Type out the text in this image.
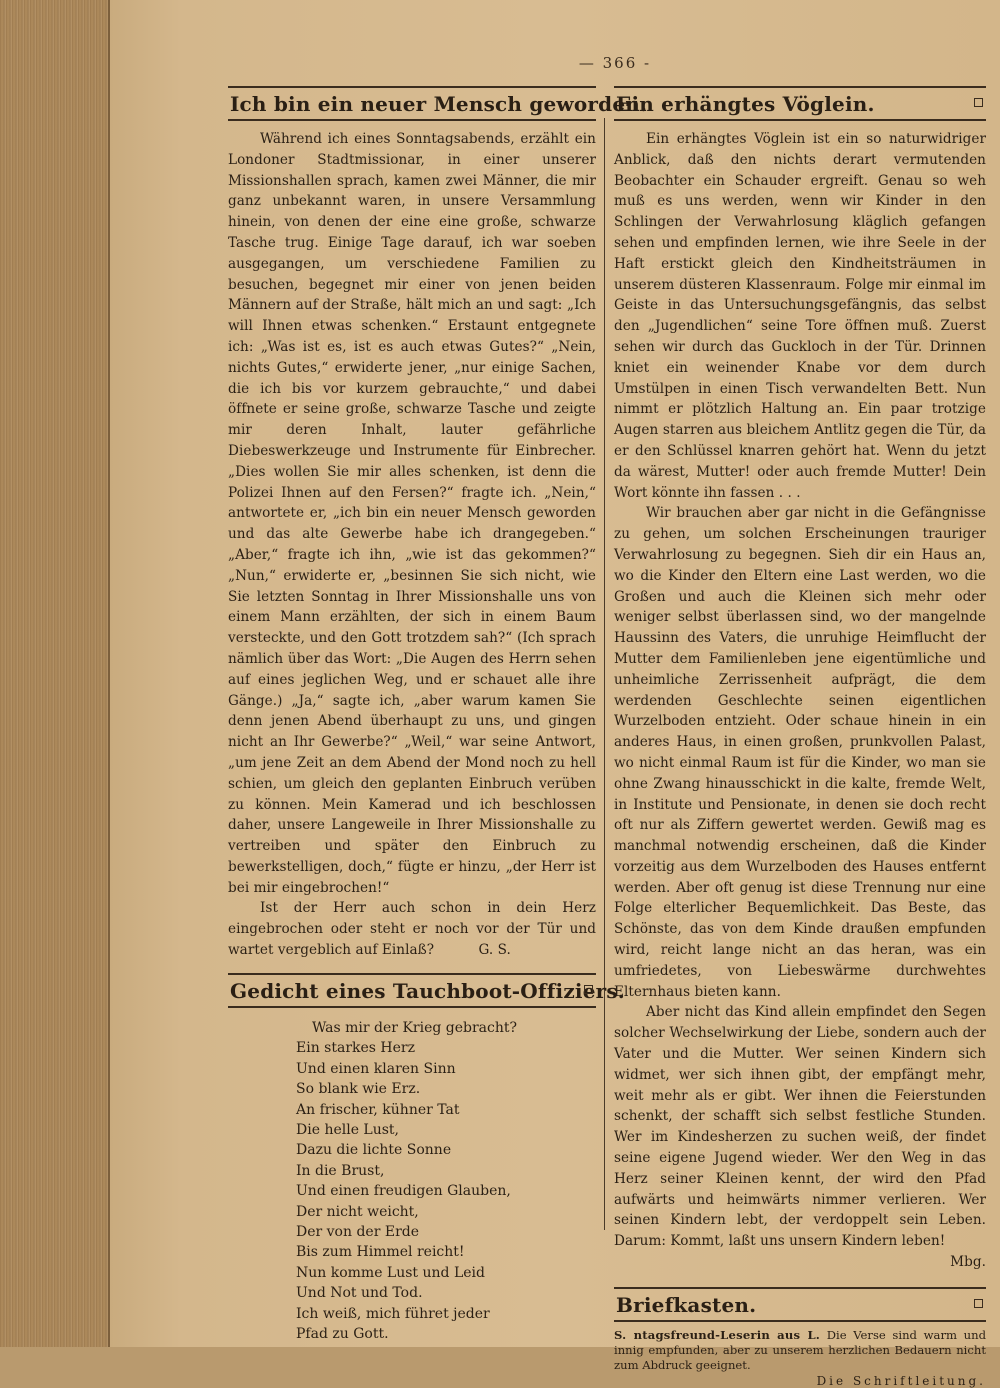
— 366 -
Ich bin ein neuer Mensch geworden.

Während ich eines Sonntagsabends, erzählt ein Londoner Stadtmissionar, in einer unserer Missionshallen sprach, kamen zwei Männer, die mir ganz unbekannt waren, in unsere Versammlung hinein, von denen der eine eine große, schwarze Tasche trug. Einige Tage darauf, ich war soeben ausgegangen, um verschiedene Familien zu besuchen, begegnet mir einer von jenen beiden Männern auf der Straße, hält mich an und sagt: „Ich will Ihnen etwas schenken.“ Erstaunt entgegnete ich: „Was ist es, ist es auch etwas Gutes?“ „Nein, nichts Gutes,“ erwiderte jener, „nur einige Sachen, die ich bis vor kurzem gebrauchte,“ und dabei öffnete er seine große, schwarze Tasche und zeigte mir deren Inhalt, lauter gefährliche Diebeswerkzeuge und Instrumente für Einbrecher. „Dies wollen Sie mir alles schenken, ist denn die Polizei Ihnen auf den Fersen?“ fragte ich. „Nein,“ antwortete er, „ich bin ein neuer Mensch geworden und das alte Gewerbe habe ich drangegeben.“ „Aber,“ fragte ich ihn, „wie ist das gekommen?“ „Nun,“ erwiderte er, „besinnen Sie sich nicht, wie Sie letzten Sonntag in Ihrer Missionshalle uns von einem Mann erzählten, der sich in einem Baum versteckte, und den Gott trotzdem sah?“ (Ich sprach nämlich über das Wort: „Die Augen des Herrn sehen auf eines jeglichen Weg, und er schauet alle ihre Gänge.) „Ja,“ sagte ich, „aber warum kamen Sie denn jenen Abend überhaupt zu uns, und gingen nicht an Ihr Gewerbe?“ „Weil,“ war seine Antwort, „um jene Zeit an dem Abend der Mond noch zu hell schien, um gleich den geplanten Einbruch verüben zu können. Mein Kamerad und ich beschlossen daher, unsere Langeweile in Ihrer Missionshalle zu vertreiben und später den Einbruch zu bewerkstelligen, doch,“ fügte er hinzu, „der Herr ist bei mir eingebrochen!“

Ist der Herr auch schon in dein Herz eingebrochen oder steht er noch vor der Tür und wartet vergeblich auf Einlaß?	G. S.

Gedicht eines Tauchboot-Offiziers.
Was mir der Krieg gebracht?
Ein starkes Herz
Und einen klaren Sinn
So blank wie Erz.
An frischer, kühner Tat
Die helle Lust,
Dazu die lichte Sonne
In die Brust,
Und einen freudigen Glauben,
Der nicht weicht,
Der von der Erde
Bis zum Himmel reicht!
Nun komme Lust und Leid
Und Not und Tod.
Ich weiß, mich führet jeder
Pfad zu Gott.
Ein erhängtes Vöglein.

Ein erhängtes Vöglein ist ein so naturwidriger Anblick, daß den nichts derart vermutenden Beobachter ein Schauder ergreift. Genau so weh muß es uns werden, wenn wir Kinder in den Schlingen der Verwahrlosung kläglich gefangen sehen und empfinden lernen, wie ihre Seele in der Haft erstickt gleich den Kindheitsträumen in unserem düsteren Klassenraum. Folge mir einmal im Geiste in das Untersuchungsgefängnis, das selbst den „Jugendlichen“ seine Tore öffnen muß. Zuerst sehen wir durch das Guckloch in der Tür. Drinnen kniet ein weinender Knabe vor dem durch Umstülpen in einen Tisch verwandelten Bett. Nun nimmt er plötzlich Haltung an. Ein paar trotzige Augen starren aus bleichem Antlitz gegen die Tür, da er den Schlüssel knarren gehört hat. Wenn du jetzt da wärest, Mutter! oder auch fremde Mutter! Dein Wort könnte ihn fassen . . .

Wir brauchen aber gar nicht in die Gefängnisse zu gehen, um solchen Erscheinungen trauriger Verwahrlosung zu begegnen. Sieh dir ein Haus an, wo die Kinder den Eltern eine Last werden, wo die Großen und auch die Kleinen sich mehr oder weniger selbst überlassen sind, wo der mangelnde Haussinn des Vaters, die unruhige Heimflucht der Mutter dem Familienleben jene eigentümliche und unheimliche Zerrissenheit aufprägt, die dem werdenden Geschlechte seinen eigentlichen Wurzelboden entzieht. Oder schaue hinein in ein anderes Haus, in einen großen, prunkvollen Palast, wo nicht einmal Raum ist für die Kinder, wo man sie ohne Zwang hinausschickt in die kalte, fremde Welt, in Institute und Pensionate, in denen sie doch recht oft nur als Ziffern gewertet werden. Gewiß mag es manchmal notwendig erscheinen, daß die Kinder vorzeitig aus dem Wurzelboden des Hauses entfernt werden. Aber oft genug ist diese Trennung nur eine Folge elterlicher Bequemlichkeit. Das Beste, das Schönste, das von dem Kinde draußen empfunden wird, reicht lange nicht an das heran, was ein umfriedetes, von Liebeswärme durchwehtes Elternhaus bieten kann.

Aber nicht das Kind allein empfindet den Segen solcher Wechselwirkung der Liebe, sondern auch der Vater und die Mutter. Wer seinen Kindern sich widmet, wer sich ihnen gibt, der empfängt mehr, weit mehr als er gibt. Wer ihnen die Feierstunden schenkt, der schafft sich selbst festliche Stunden. Wer im Kindesherzen zu suchen weiß, der findet seine eigene Jugend wieder. Wer den Weg in das Herz seiner Kleinen kennt, der wird den Pfad aufwärts und heimwärts nimmer verlieren. Wer seinen Kindern lebt, der verdoppelt sein Leben. Darum: Kommt, laßt uns unsern Kindern leben!
Mbg.

Briefkasten.

S. ntagsfreund-Leserin aus L. Die Verse sind warm und innig empfunden, aber zu unserem herzlichen Bedauern nicht zum Abdruck geeignet.

Die Schriftleitung.
